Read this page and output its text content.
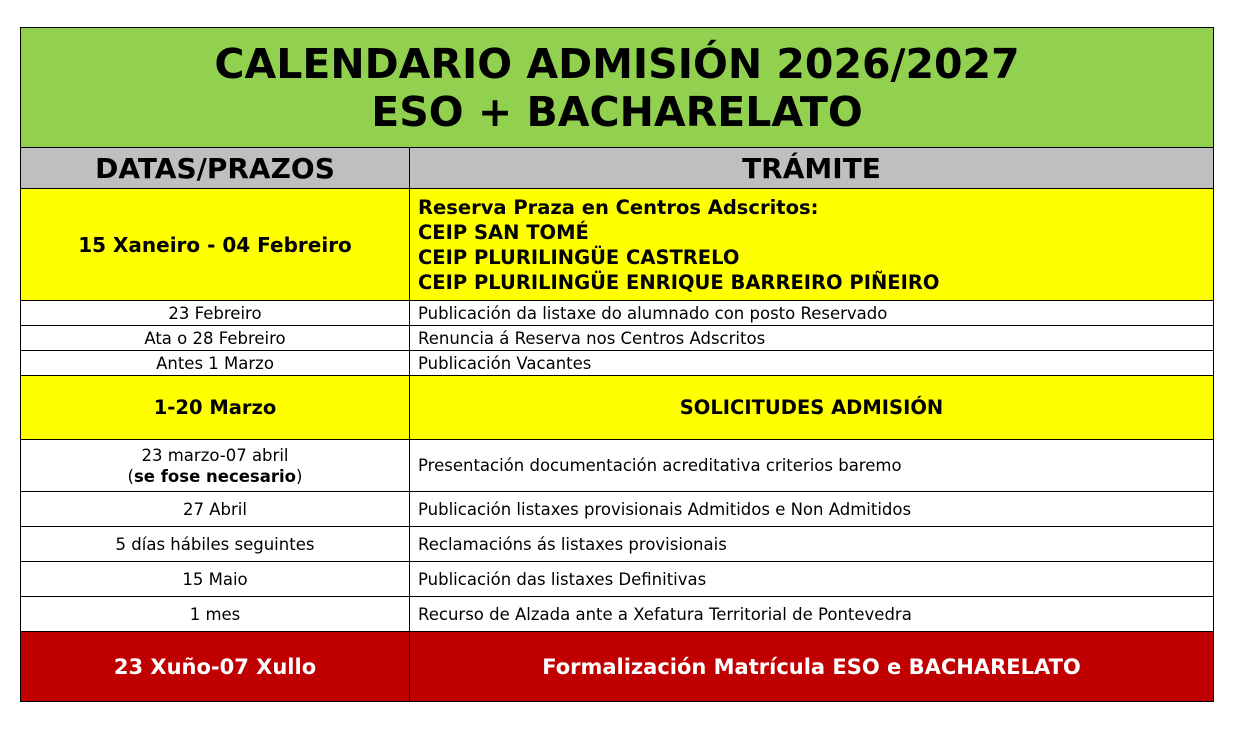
CALENDARIO ADMISIÓN 2026/2027
ESO + BACHARELATO	

DATAS/PRAZOS	TRÁMITE
15 Xaneiro - 04 Febreiro	Reserva Praza en Centros Adscritos:
CEIP SAN TOMÉ
CEIP PLURILINGÜE CASTRELO
CEIP PLURILINGÜE ENRIQUE BARREIRO PIÑEIRO

23 Febreiro	Publicación da listaxe do alumnado con posto Reservado
Ata o 28 Febreiro	Renuncia á Reserva nos Centros Adscritos
Antes 1 Marzo	Publicación Vacantes
1-20 Marzo	SOLICITUDES ADMISIÓN

23 marzo-07 abril
(se fose necesario)	Presentación documentación acreditativa criterios baremo
27 Abril	Publicación listaxes provisionais Admitidos e Non Admitidos
5 días hábiles seguintes	Reclamacións ás listaxes provisionais
15 Maio	Publicación das listaxes Definitivas
1 mes	Recurso de Alzada ante a Xefatura Territorial de Pontevedra
23 Xuño-07 Xullo	Formalización Matrícula ESO e BACHARELATO
